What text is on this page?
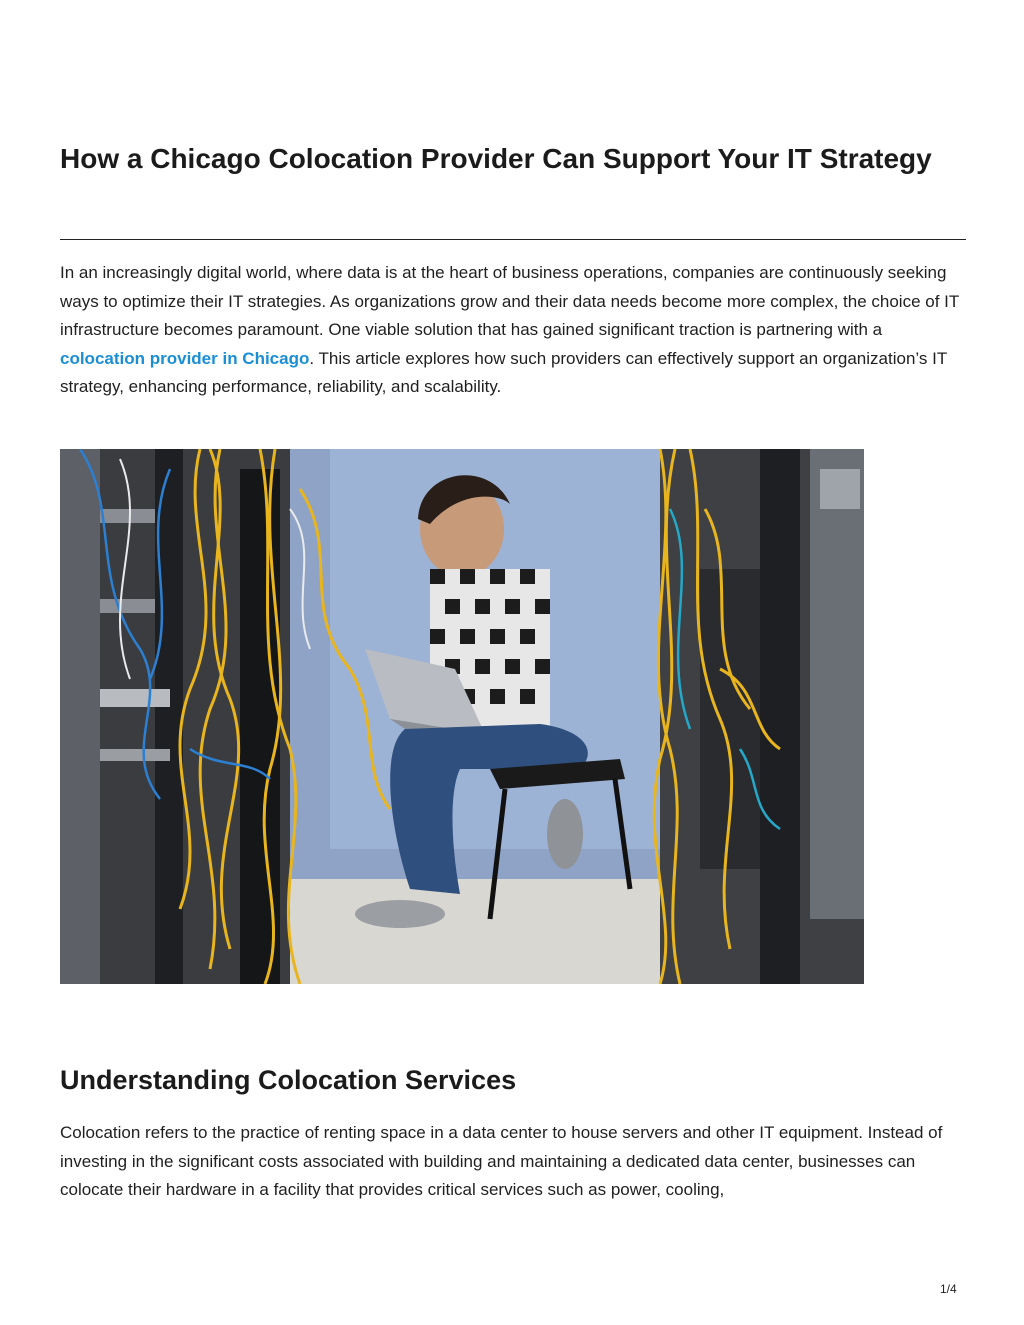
How a Chicago Colocation Provider Can Support Your IT Strategy

In an increasingly digital world, where data is at the heart of business operations, companies are continuously seeking ways to optimize their IT strategies. As organizations grow and their data needs become more complex, the choice of IT infrastructure becomes paramount. One viable solution that has gained significant traction is partnering with a colocation provider in Chicago. This article explores how such providers can effectively support an organization’s IT strategy, enhancing performance, reliability, and scalability.

Understanding Colocation Services

Colocation refers to the practice of renting space in a data center to house servers and other IT equipment. Instead of investing in the significant costs associated with building and maintaining a dedicated data center, businesses can colocate their hardware in a facility that provides critical services such as power, cooling,

1/4
